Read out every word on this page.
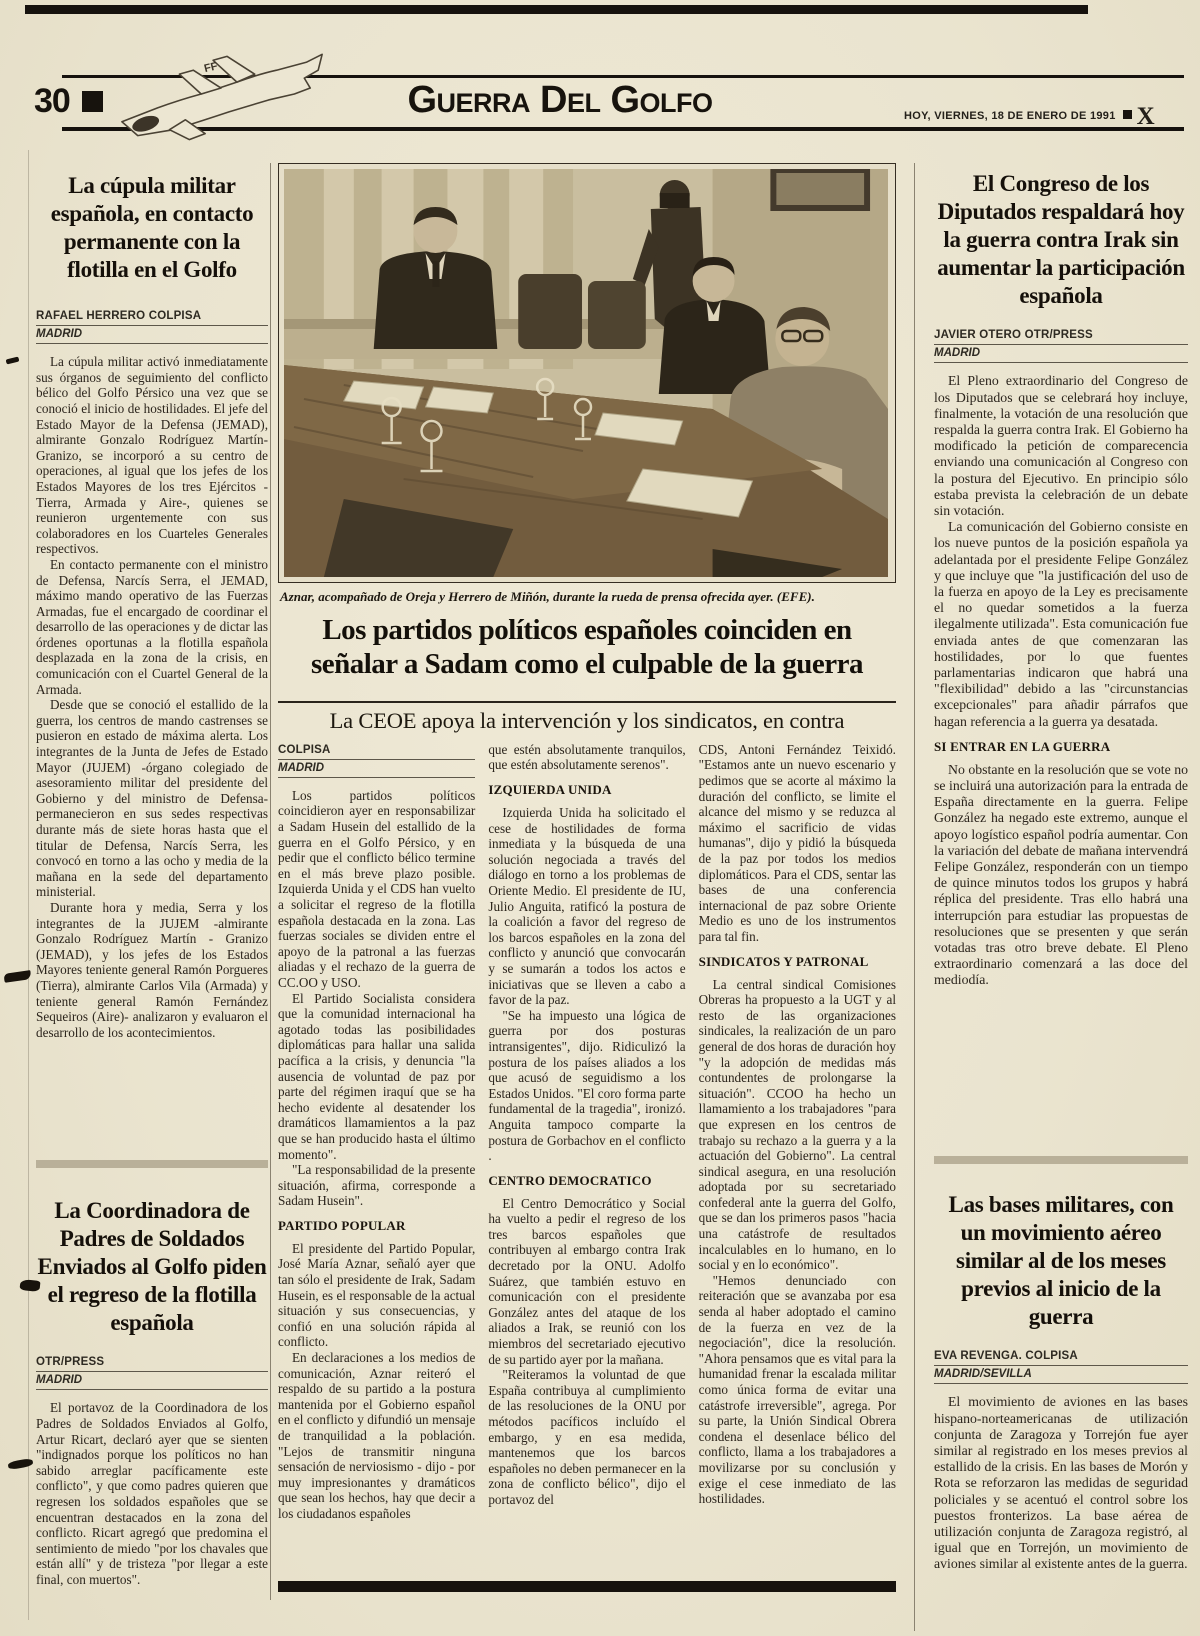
30
FF
GUERRA DEL GOLFO	HOY, VIERNES, 18 DE ENERO DE 1991 X
La cúpula militar española, en contacto permanente con la flotilla en el Golfo
RAFAEL HERRERO COLPISA
MADRID

La cúpula militar activó inmediatamente sus órganos de seguimiento del conflicto bélico del Golfo Pérsico una vez que se conoció el inicio de hostilidades. El jefe del Estado Mayor de la Defensa (JEMAD), almirante Gonzalo Rodríguez Martín-Granizo, se incorporó a su centro de operaciones, al igual que los jefes de los Estados Mayores de los tres Ejércitos -Tierra, Armada y Aire-, quienes se reunieron urgentemente con sus colaboradores en los Cuarteles Generales respectivos.

En contacto permanente con el ministro de Defensa, Narcís Serra, el JEMAD, máximo mando operativo de las Fuerzas Armadas, fue el encargado de coordinar el desarrollo de las operaciones y de dictar las órdenes oportunas a la flotilla española desplazada en la zona de la crisis, en comunicación con el Cuartel General de la Armada.

Desde que se conoció el estallido de la guerra, los centros de mando castrenses se pusieron en estado de máxima alerta. Los integrantes de la Junta de Jefes de Estado Mayor (JUJEM) -órgano colegiado de asesoramiento militar del presidente del Gobierno y del ministro de Defensa- permanecieron en sus sedes respectivas durante más de siete horas hasta que el titular de Defensa, Narcís Serra, les convocó en torno a las ocho y media de la mañana en la sede del departamento ministerial.

Durante hora y media, Serra y los integrantes de la JUJEM -almirante Gonzalo Rodríguez Martín - Granizo (JEMAD), y los jefes de los Estados Mayores teniente general Ramón Porgueres (Tierra), almirante Carlos Vila (Armada) y teniente general Ramón Fernández Sequeiros (Aire)- analizaron y evaluaron el desarrollo de los acontecimientos.

La Coordinadora de Padres de Soldados Enviados al Golfo piden el regreso de la flotilla española
OTR/PRESS
MADRID

El portavoz de la Coordinadora de los Padres de Soldados Enviados al Golfo, Artur Ricart, declaró ayer que se sienten "indignados porque los políticos no han sabido arreglar pacíficamente este conflicto", y que como padres quieren que regresen los soldados españoles que se encuentran destacados en la zona del conflicto. Ricart agregó que predomina el sentimiento de miedo "por los chavales que están allí" y de tristeza "por llegar a este final, con muertos".

Aznar, acompañado de Oreja y Herrero de Miñón, durante la rueda de prensa ofrecida ayer. (EFE).
Los partidos políticos españoles coinciden en
señalar a Sadam como el culpable de la guerra
La CEOE apoya la intervención y los sindicatos, en contra
COLPISA
MADRID

Los partidos políticos coincidieron ayer en responsabilizar a Sadam Husein del estallido de la guerra en el Golfo Pérsico, y en pedir que el conflicto bélico termine en el más breve plazo posible. Izquierda Unida y el CDS han vuelto a solicitar el regreso de la flotilla española destacada en la zona. Las fuerzas sociales se dividen entre el apoyo de la patronal a las fuerzas aliadas y el rechazo de la guerra de CC.OO y USO.

El Partido Socialista considera que la comunidad internacional ha agotado todas las posibilidades diplomáticas para hallar una salida pacífica a la crisis, y denuncia "la ausencia de voluntad de paz por parte del régimen iraquí que se ha hecho evidente al desatender los dramáticos llamamientos a la paz que se han producido hasta el último momento".

"La responsabilidad de la presente situación, afirma, corresponde a Sadam Husein".

PARTIDO POPULAR

El presidente del Partido Popular, José María Aznar, señaló ayer que tan sólo el presidente de Irak, Sadam Husein, es el responsable de la actual situación y sus consecuencias, y confió en una solución rápida al conflicto.

En declaraciones a los medios de comunicación, Aznar reiteró el respaldo de su partido a la postura mantenida por el Gobierno español en el conflicto y difundió un mensaje de tranquilidad a la población. "Lejos de transmitir ninguna sensación de nerviosismo - dijo - por muy impresionantes y dramáticos que sean los hechos, hay que decir a los ciudadanos españoles

que estén absolutamente tranquilos, que estén absolutamente serenos".

IZQUIERDA UNIDA

Izquierda Unida ha solicitado el cese de hostilidades de forma inmediata y la búsqueda de una solución negociada a través del diálogo en torno a los problemas de Oriente Medio. El presidente de IU, Julio Anguita, ratificó la postura de la coalición a favor del regreso de los barcos españoles en la zona del conflicto y anunció que convocarán y se sumarán a todos los actos e iniciativas que se lleven a cabo a favor de la paz.

"Se ha impuesto una lógica de guerra por dos posturas intransigentes", dijo. Ridiculizó la postura de los países aliados a los que acusó de seguidismo a los Estados Unidos. "El coro forma parte fundamental de la tragedia", ironizó. Anguita tampoco comparte la postura de Gorbachov en el conflicto .

CENTRO DEMOCRATICO

El Centro Democrático y Social ha vuelto a pedir el regreso de los tres barcos españoles que contribuyen al embargo contra Irak decretado por la ONU. Adolfo Suárez, que también estuvo en comunicación con el presidente González antes del ataque de los aliados a Irak, se reunió con los miembros del secretariado ejecutivo de su partido ayer por la mañana.

"Reiteramos la voluntad de que España contribuya al cumplimiento de las resoluciones de la ONU por métodos pacíficos incluído el embargo, y en esa medida, mantenemos que los barcos españoles no deben permanecer en la zona de conflicto bélico", dijo el portavoz del

CDS, Antoni Fernández Teixidó. "Estamos ante un nuevo escenario y pedimos que se acorte al máximo la duración del conflicto, se limite el alcance del mismo y se reduzca al máximo el sacrificio de vidas humanas", dijo y pidió la búsqueda de la paz por todos los medios diplomáticos. Para el CDS, sentar las bases de una conferencia internacional de paz sobre Oriente Medio es uno de los instrumentos para tal fin.

SINDICATOS Y PATRONAL

La central sindical Comisiones Obreras ha propuesto a la UGT y al resto de las organizaciones sindicales, la realización de un paro general de dos horas de duración hoy "y la adopción de medidas más contundentes de prolongarse la situación". CCOO ha hecho un llamamiento a los trabajadores "para que expresen en los centros de trabajo su rechazo a la guerra y a la actuación del Gobierno". La central sindical asegura, en una resolución adoptada por su secretariado confederal ante la guerra del Golfo, que se dan los primeros pasos "hacia una catástrofe de resultados incalculables en lo humano, en lo social y en lo económico".

"Hemos denunciado con reiteración que se avanzaba por esa senda al haber adoptado el camino de la fuerza en vez de la negociación", dice la resolución. "Ahora pensamos que es vital para la humanidad frenar la escalada militar como única forma de evitar una catástrofe irreversible", agrega. Por su parte, la Unión Sindical Obrera condena el desenlace bélico del conflicto, llama a los trabajadores a movilizarse por su conclusión y exige el cese inmediato de las hostilidades.

El Congreso de los Diputados respaldará hoy la guerra contra Irak sin aumentar la participación española
JAVIER OTERO OTR/PRESS
MADRID

El Pleno extraordinario del Congreso de los Diputados que se celebrará hoy incluye, finalmente, la votación de una resolución que respalda la guerra contra Irak. El Gobierno ha modificado la petición de comparecencia enviando una comunicación al Congreso con la postura del Ejecutivo. En principio sólo estaba prevista la celebración de un debate sin votación.

La comunicación del Gobierno consiste en los nueve puntos de la posición española ya adelantada por el presidente Felipe González y que incluye que "la justificación del uso de la fuerza en apoyo de la Ley es precisamente el no quedar sometidos a la fuerza ilegalmente utilizada". Esta comunicación fue enviada antes de que comenzaran las hostilidades, por lo que fuentes parlamentarias indicaron que habrá una "flexibilidad" debido a las "circunstancias excepcionales" para añadir párrafos que hagan referencia a la guerra ya desatada.

SI ENTRAR EN LA GUERRA

No obstante en la resolución que se vote no se incluirá una autorización para la entrada de España directamente en la guerra. Felipe González ha negado este extremo, aunque el apoyo logístico español podría aumentar. Con la variación del debate de mañana intervendrá Felipe González, responderán con un tiempo de quince minutos todos los grupos y habrá réplica del presidente. Tras ello habrá una interrupción para estudiar las propuestas de resoluciones que se presenten y que serán votadas tras otro breve debate. El Pleno extraordinario comenzará a las doce del mediodía.

Las bases militares, con un movimiento aéreo similar al de los meses previos al inicio de la guerra
EVA REVENGA. COLPISA
MADRID/SEVILLA

El movimiento de aviones en las bases hispano-norteamericanas de utilización conjunta de Zaragoza y Torrejón fue ayer similar al registrado en los meses previos al estallido de la crisis. En las bases de Morón y Rota se reforzaron las medidas de seguridad policiales y se acentuó el control sobre los puestos fronterizos. La base aérea de utilización conjunta de Zaragoza registró, al igual que en Torrejón, un movimiento de aviones similar al existente antes de la guerra.
